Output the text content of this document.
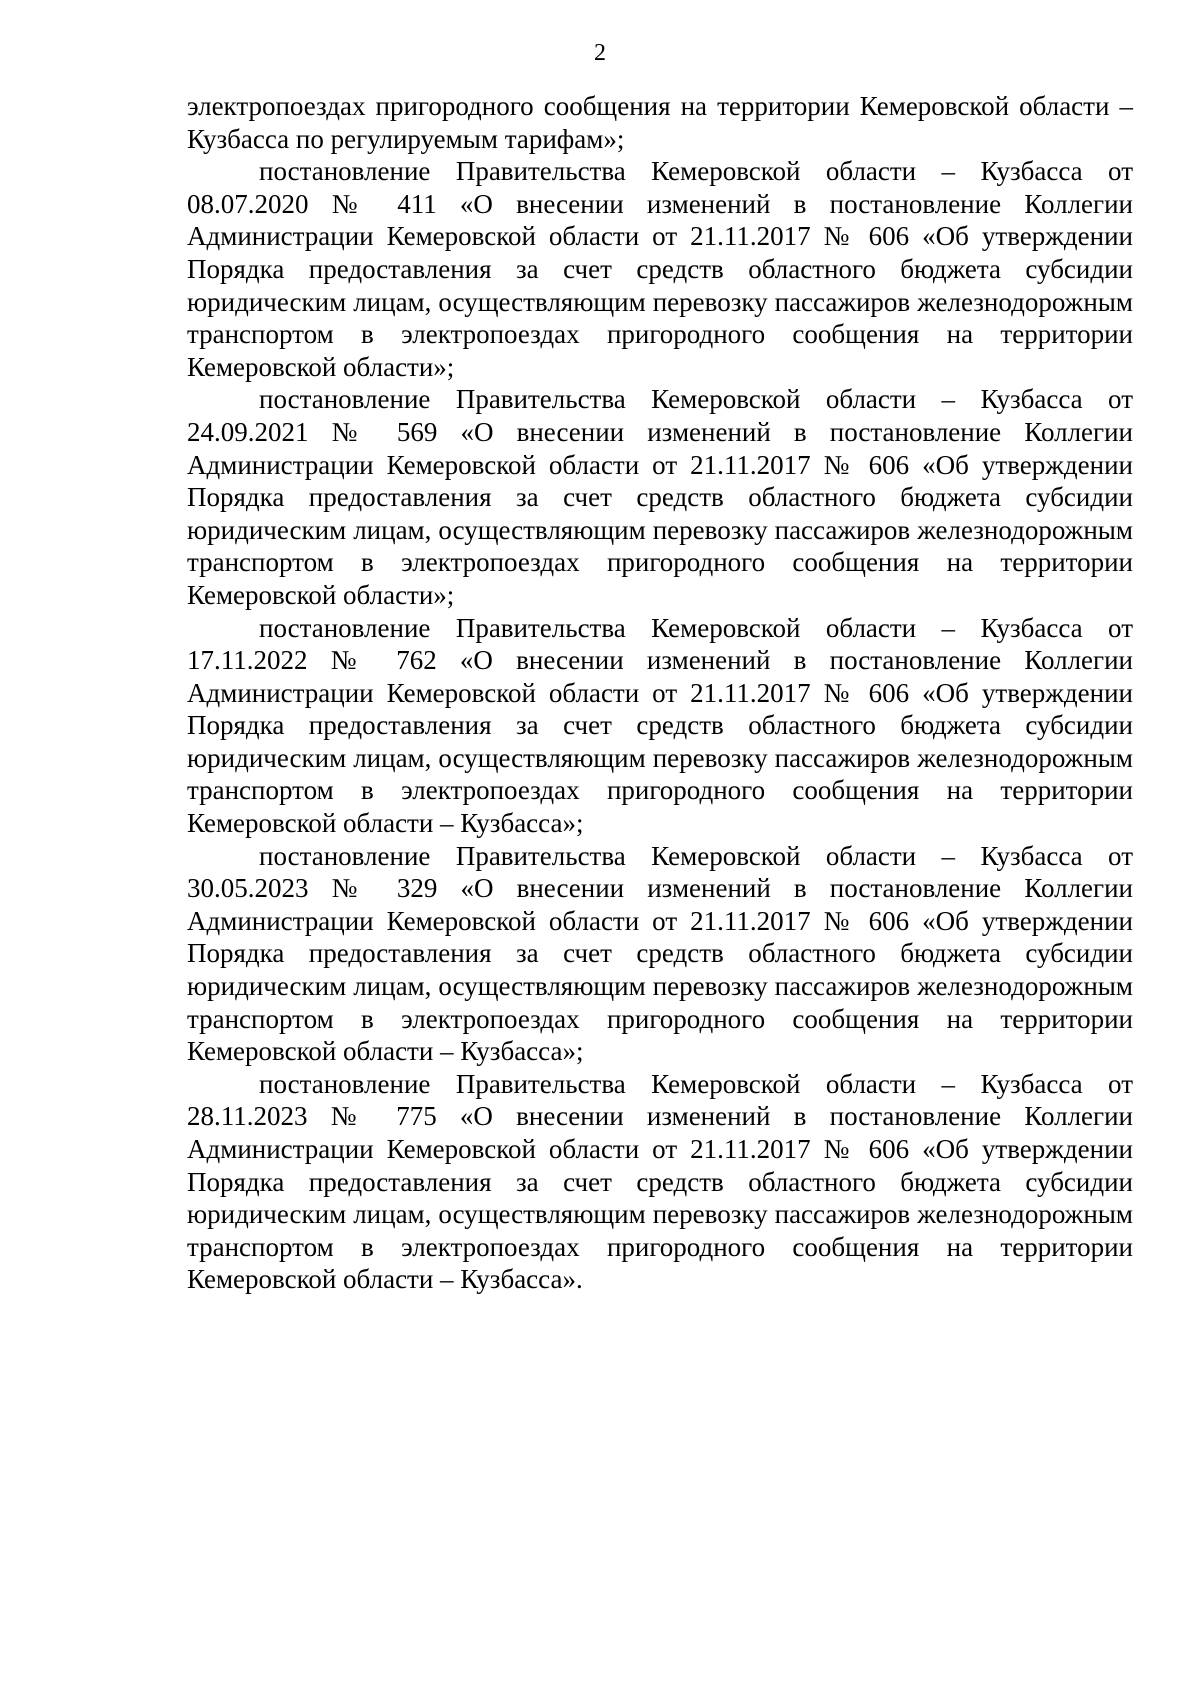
2

электропоездах пригородного сообщения на территории Кемеровской области – Кузбасса по регулируемым тарифам»;

постановление Правительства Кемеровской области – Кузбасса от 08.07.2020 № 411 «О внесении изменений в постановление Коллегии Администрации Кемеровской области от 21.11.2017 № 606 «Об утверждении Порядка предоставления за счет средств областного бюджета субсидии юридическим лицам, осуществляющим перевозку пассажиров железнодорожным транспортом в электропоездах пригородного сообщения на территории Кемеровской области»;

постановление Правительства Кемеровской области – Кузбасса от 24.09.2021 № 569 «О внесении изменений в постановление Коллегии Администрации Кемеровской области от 21.11.2017 № 606 «Об утверждении Порядка предоставления за счет средств областного бюджета субсидии юридическим лицам, осуществляющим перевозку пассажиров железнодорожным транспортом в электропоездах пригородного сообщения на территории Кемеровской области»;

постановление Правительства Кемеровской области – Кузбасса от 17.11.2022 № 762 «О внесении изменений в постановление Коллегии Администрации Кемеровской области от 21.11.2017 № 606 «Об утверждении Порядка предоставления за счет средств областного бюджета субсидии юридическим лицам, осуществляющим перевозку пассажиров железнодорожным транспортом в электропоездах пригородного сообщения на территории Кемеровской области – Кузбасса»;

постановление Правительства Кемеровской области – Кузбасса от 30.05.2023 № 329 «О внесении изменений в постановление Коллегии Администрации Кемеровской области от 21.11.2017 № 606 «Об утверждении Порядка предоставления за счет средств областного бюджета субсидии юридическим лицам, осуществляющим перевозку пассажиров железнодорожным транспортом в электропоездах пригородного сообщения на территории Кемеровской области – Кузбасса»;

постановление Правительства Кемеровской области – Кузбасса от 28.11.2023 № 775 «О внесении изменений в постановление Коллегии Администрации Кемеровской области от 21.11.2017 № 606 «Об утверждении Порядка предоставления за счет средств областного бюджета субсидии юридическим лицам, осуществляющим перевозку пассажиров железнодорожным транспортом в электропоездах пригородного сообщения на территории Кемеровской области – Кузбасса».
